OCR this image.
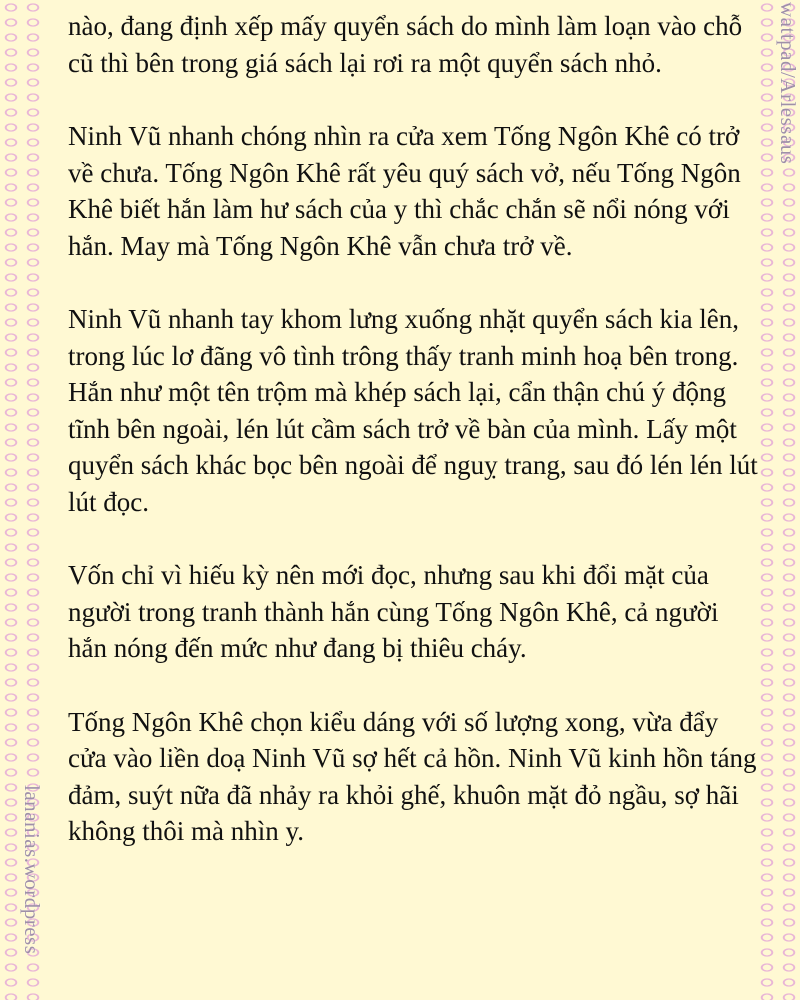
wattpad/Arlessaus
lananias.wordpress

nào, đang định xếp mấy quyển sách do mình làm loạn vào chỗ cũ thì bên trong giá sách lại rơi ra một quyển sách nhỏ.

Ninh Vũ nhanh chóng nhìn ra cửa xem Tống Ngôn Khê có trở về chưa. Tống Ngôn Khê rất yêu quý sách vở, nếu Tống Ngôn Khê biết hắn làm hư sách của y thì chắc chắn sẽ nổi nóng với hắn. May mà Tống Ngôn Khê vẫn chưa trở về.

Ninh Vũ nhanh tay khom lưng xuống nhặt quyển sách kia lên, trong lúc lơ đãng vô tình trông thấy tranh minh hoạ bên trong. Hắn như một tên trộm mà khép sách lại, cẩn thận chú ý động tĩnh bên ngoài, lén lút cầm sách trở về bàn của mình. Lấy một quyển sách khác bọc bên ngoài để nguỵ trang, sau đó lén lén lút lút đọc.

Vốn chỉ vì hiếu kỳ nên mới đọc, nhưng sau khi đổi mặt của người trong tranh thành hắn cùng Tống Ngôn Khê, cả người hắn nóng đến mức như đang bị thiêu cháy.

Tống Ngôn Khê chọn kiểu dáng với số lượng xong, vừa đẩy cửa vào liền doạ Ninh Vũ sợ hết cả hồn. Ninh Vũ kinh hồn táng đảm, suýt nữa đã nhảy ra khỏi ghế, khuôn mặt đỏ ngầu, sợ hãi không thôi mà nhìn y.
